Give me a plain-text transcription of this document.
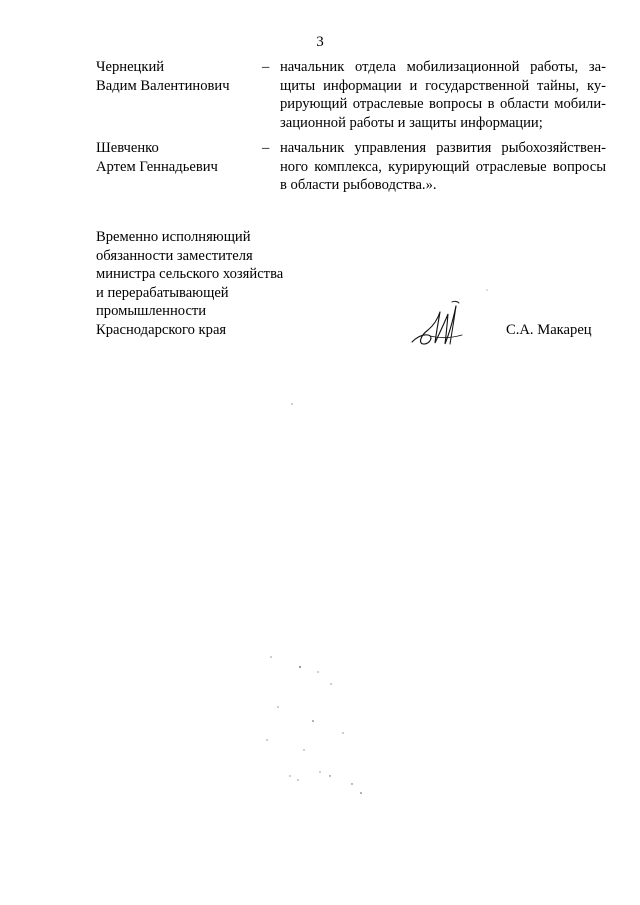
3
Чернецкий
Вадим Валентинович
– начальник отдела мобилизационной работы, за-
щиты информации и государственной тайны, ку-
рирующий отраслевые вопросы в области мобили-
зационной работы и защиты информации;
Шевченко
Артем Геннадьевич
– начальник управления развития рыбохозяйствен-
ного комплекса, курирующий отраслевые вопросы
в области рыбоводства.».
Временно исполняющий
обязанности заместителя
министра сельского хозяйства
и перерабатывающей
промышленности
Краснодарского края	С.А. Макарец
